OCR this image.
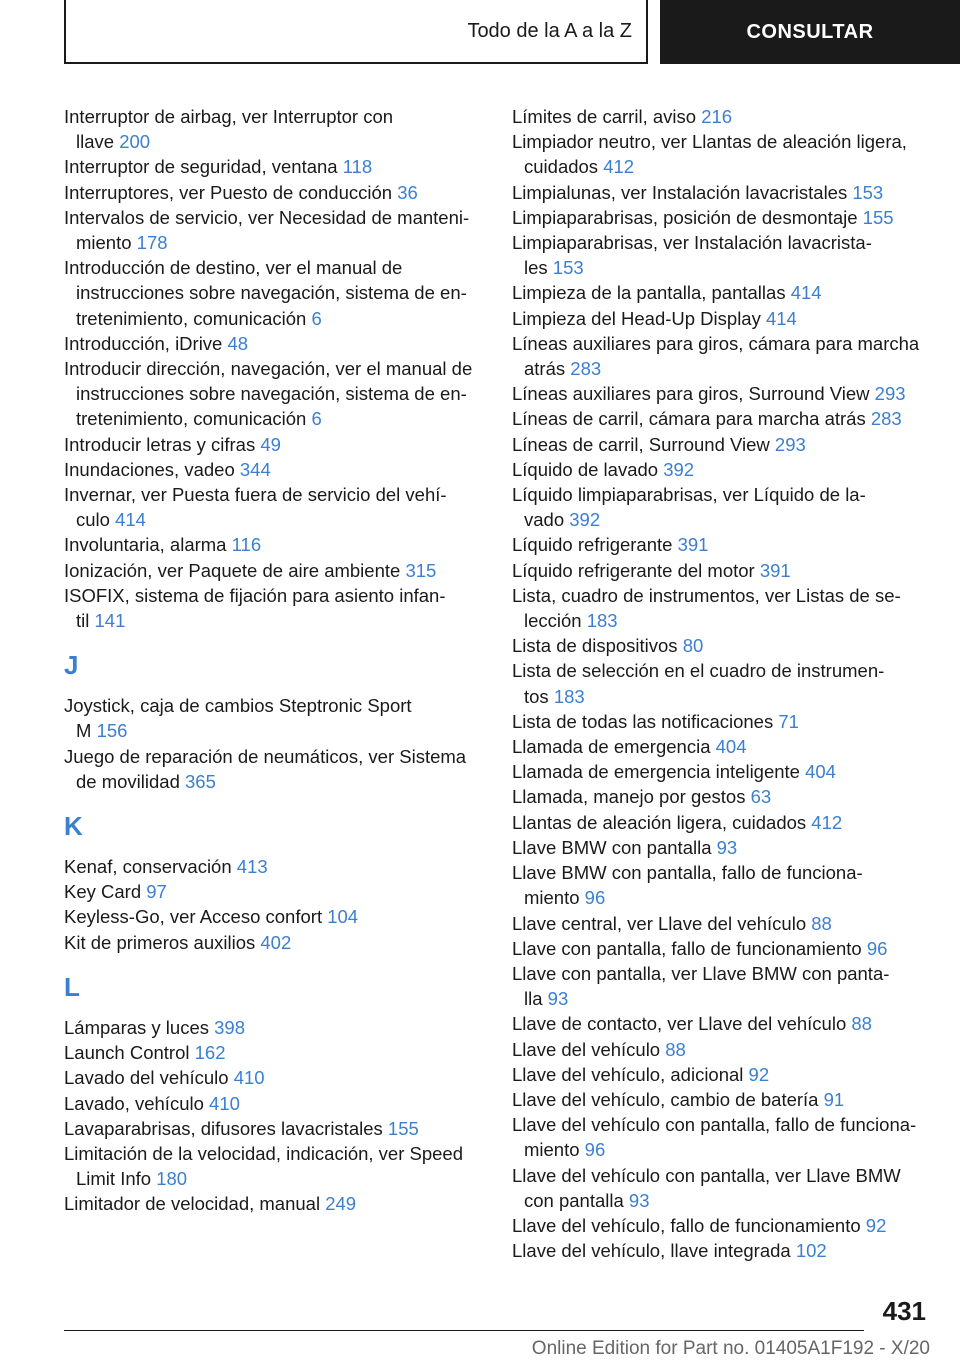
Todo de la A a la Z	CONSULTAR
Interruptor de airbag, ver Interruptor con
llave 200
Interruptor de seguridad, ventana 118
Interruptores, ver Puesto de conducción 36
Intervalos de servicio, ver Necesidad de manteni-
miento 178
Introducción de destino, ver el manual de
instrucciones sobre navegación, sistema de en-
tretenimiento, comunicación 6
Introducción, iDrive 48
Introducir dirección, navegación, ver el manual de
instrucciones sobre navegación, sistema de en-
tretenimiento, comunicación 6
Introducir letras y cifras 49
Inundaciones, vadeo 344
Invernar, ver Puesta fuera de servicio del vehí-
culo 414
Involuntaria, alarma 116
Ionización, ver Paquete de aire ambiente 315
ISOFIX, sistema de fijación para asiento infan-
til 141
J
Joystick, caja de cambios Steptronic Sport
M 156
Juego de reparación de neumáticos, ver Sistema
de movilidad 365
K
Kenaf, conservación 413
Key Card 97
Keyless-Go, ver Acceso confort 104
Kit de primeros auxilios 402
L
Lámparas y luces 398
Launch Control 162
Lavado del vehículo 410
Lavado, vehículo 410
Lavaparabrisas, difusores lavacristales 155
Limitación de la velocidad, indicación, ver Speed
Limit Info 180
Limitador de velocidad, manual 249
Límites de carril, aviso 216
Limpiador neutro, ver Llantas de aleación ligera,
cuidados 412
Limpialunas, ver Instalación lavacristales 153
Limpiaparabrisas, posición de desmontaje 155
Limpiaparabrisas, ver Instalación lavacrista-
les 153
Limpieza de la pantalla, pantallas 414
Limpieza del Head-Up Display 414
Líneas auxiliares para giros, cámara para marcha
atrás 283
Líneas auxiliares para giros, Surround View 293
Líneas de carril, cámara para marcha atrás 283
Líneas de carril, Surround View 293
Líquido de lavado 392
Líquido limpiaparabrisas, ver Líquido de la-
vado 392
Líquido refrigerante 391
Líquido refrigerante del motor 391
Lista, cuadro de instrumentos, ver Listas de se-
lección 183
Lista de dispositivos 80
Lista de selección en el cuadro de instrumen-
tos 183
Lista de todas las notificaciones 71
Llamada de emergencia 404
Llamada de emergencia inteligente 404
Llamada, manejo por gestos 63
Llantas de aleación ligera, cuidados 412
Llave BMW con pantalla 93
Llave BMW con pantalla, fallo de funciona-
miento 96
Llave central, ver Llave del vehículo 88
Llave con pantalla, fallo de funcionamiento 96
Llave con pantalla, ver Llave BMW con panta-
lla 93
Llave de contacto, ver Llave del vehículo 88
Llave del vehículo 88
Llave del vehículo, adicional 92
Llave del vehículo, cambio de batería 91
Llave del vehículo con pantalla, fallo de funciona-
miento 96
Llave del vehículo con pantalla, ver Llave BMW
con pantalla 93
Llave del vehículo, fallo de funcionamiento 92
Llave del vehículo, llave integrada 102
431
Online Edition for Part no. 01405A1F192 - X/20
